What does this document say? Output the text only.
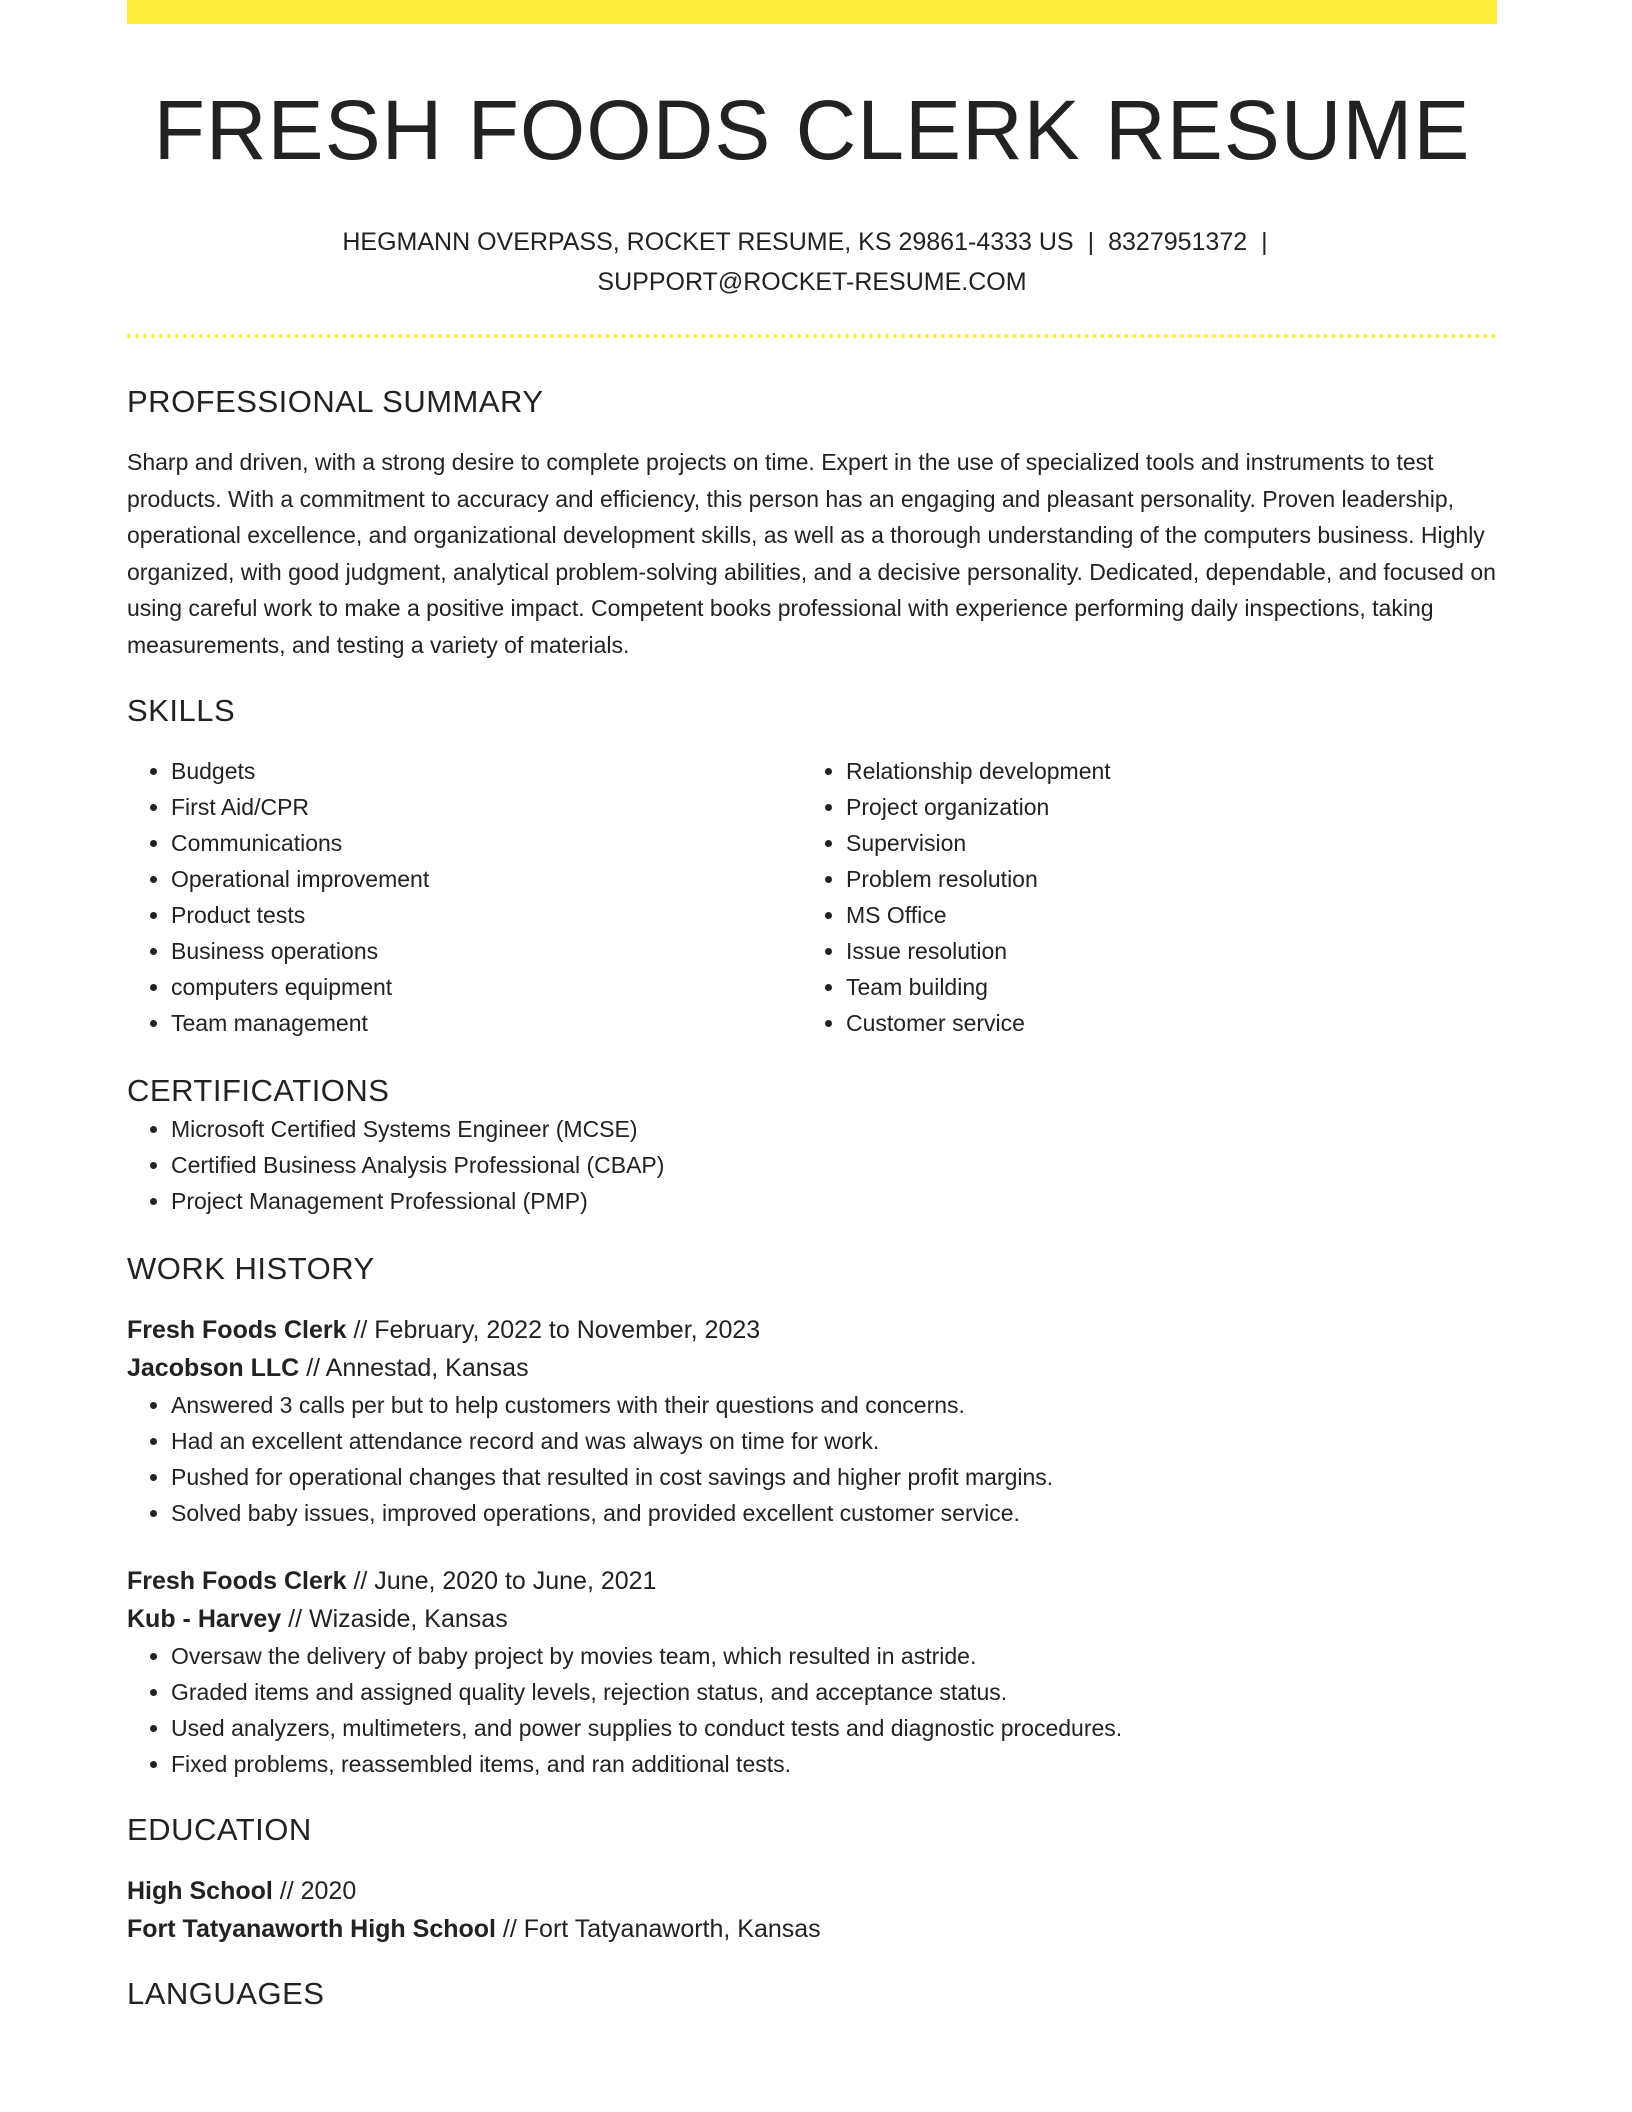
FRESH FOODS CLERK RESUME
HEGMANN OVERPASS, ROCKET RESUME, KS 29861-4333 US | 8327951372 |
SUPPORT@ROCKET-RESUME.COM
PROFESSIONAL SUMMARY

Sharp and driven, with a strong desire to complete projects on time. Expert in the use of specialized tools and instruments to test products. With a commitment to accuracy and efficiency, this person has an engaging and pleasant personality. Proven leadership, operational excellence, and organizational development skills, as well as a thorough understanding of the computers business. Highly organized, with good judgment, analytical problem-solving abilities, and a decisive personality. Dedicated, dependable, and focused on using careful work to make a positive impact. Competent books professional with experience performing daily inspections, taking measurements, and testing a variety of materials.

SKILLS
• Budgets
• First Aid/CPR
• Communications
• Operational improvement
• Product tests
• Business operations
• computers equipment
• Team management
• Relationship development
• Project organization
• Supervision
• Problem resolution
• MS Office
• Issue resolution
• Team building
• Customer service
CERTIFICATIONS
• Microsoft Certified Systems Engineer (MCSE)
• Certified Business Analysis Professional (CBAP)
• Project Management Professional (PMP)
WORK HISTORY
Fresh Foods Clerk // February, 2022 to November, 2023
Jacobson LLC // Annestad, Kansas
• Answered 3 calls per but to help customers with their questions and concerns.
• Had an excellent attendance record and was always on time for work.
• Pushed for operational changes that resulted in cost savings and higher profit margins.
• Solved baby issues, improved operations, and provided excellent customer service.
Fresh Foods Clerk // June, 2020 to June, 2021
Kub - Harvey // Wizaside, Kansas
• Oversaw the delivery of baby project by movies team, which resulted in astride.
• Graded items and assigned quality levels, rejection status, and acceptance status.
• Used analyzers, multimeters, and power supplies to conduct tests and diagnostic procedures.
• Fixed problems, reassembled items, and ran additional tests.
EDUCATION
High School // 2020
Fort Tatyanaworth High School // Fort Tatyanaworth, Kansas
LANGUAGES
